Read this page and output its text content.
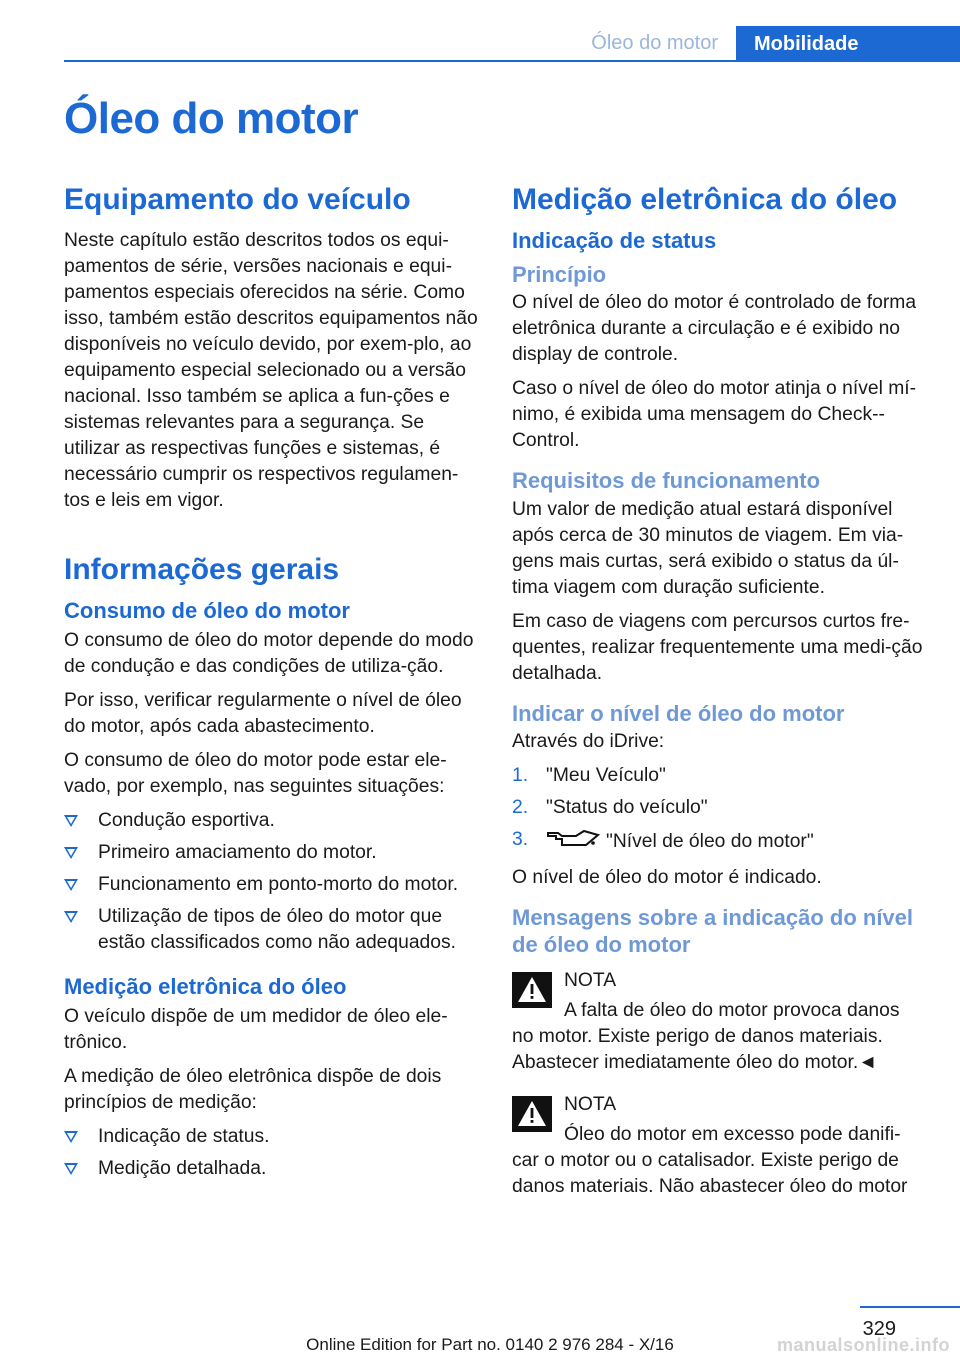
Óleo do motor	Mobilidade
Óleo do motor
Equipamento do veículo

Neste capítulo estão descritos todos os equi-pamentos de série, versões nacionais e equi-pamentos especiais oferecidos na série. Como isso, também estão descritos equipamentos não disponíveis no veículo devido, por exem-plo, ao equipamento especial selecionado ou a versão nacional. Isso também se aplica a fun-ções e sistemas relevantes para a segurança. Se utilizar as respectivas funções e sistemas, é necessário cumprir os respectivos regulamen-tos e leis em vigor.

Informações gerais
Consumo de óleo do motor

O consumo de óleo do motor depende do modo de condução e das condições de utiliza-ção.

Por isso, verificar regularmente o nível de óleo do motor, após cada abastecimento.

O consumo de óleo do motor pode estar ele-vado, por exemplo, nas seguintes situações:

Condução esportiva.
Primeiro amaciamento do motor.
Funcionamento em ponto-morto do motor.
Utilização de tipos de óleo do motor que estão classificados como não adequados.
Medição eletrônica do óleo

O veículo dispõe de um medidor de óleo ele-trônico.

A medição de óleo eletrônica dispõe de dois princípios de medição:

Indicação de status.
Medição detalhada.
Medição eletrônica do óleo
Indicação de status
Princípio

O nível de óleo do motor é controlado de forma eletrônica durante a circulação e é exibido no display de controle.

Caso o nível de óleo do motor atinja o nível mí-nimo, é exibida uma mensagem do Check--Control.

Requisitos de funcionamento

Um valor de medição atual estará disponível após cerca de 30 minutos de viagem. Em via-gens mais curtas, será exibido o status da úl-tima viagem com duração suficiente.

Em caso de viagens com percursos curtos fre-quentes, realizar frequentemente uma medi-ção detalhada.

Indicar o nível de óleo do motor

Através do iDrive:

1. "Meu Veículo"
2. "Status do veículo"
3.	"Nível de óleo do motor"

O nível de óleo do motor é indicado.

Mensagens sobre a indicação do nível de óleo do motor
NOTA
A falta de óleo do motor provoca danos
no motor. Existe perigo de danos materiais. Abastecer imediatamente óleo do motor.◄
NOTA
Óleo do motor em excesso pode danifi-
car o motor ou o catalisador. Existe perigo de danos materiais. Não abastecer óleo do motor
329
Online Edition for Part no. 0140 2 976 284 - X/16	manualsonline.info
